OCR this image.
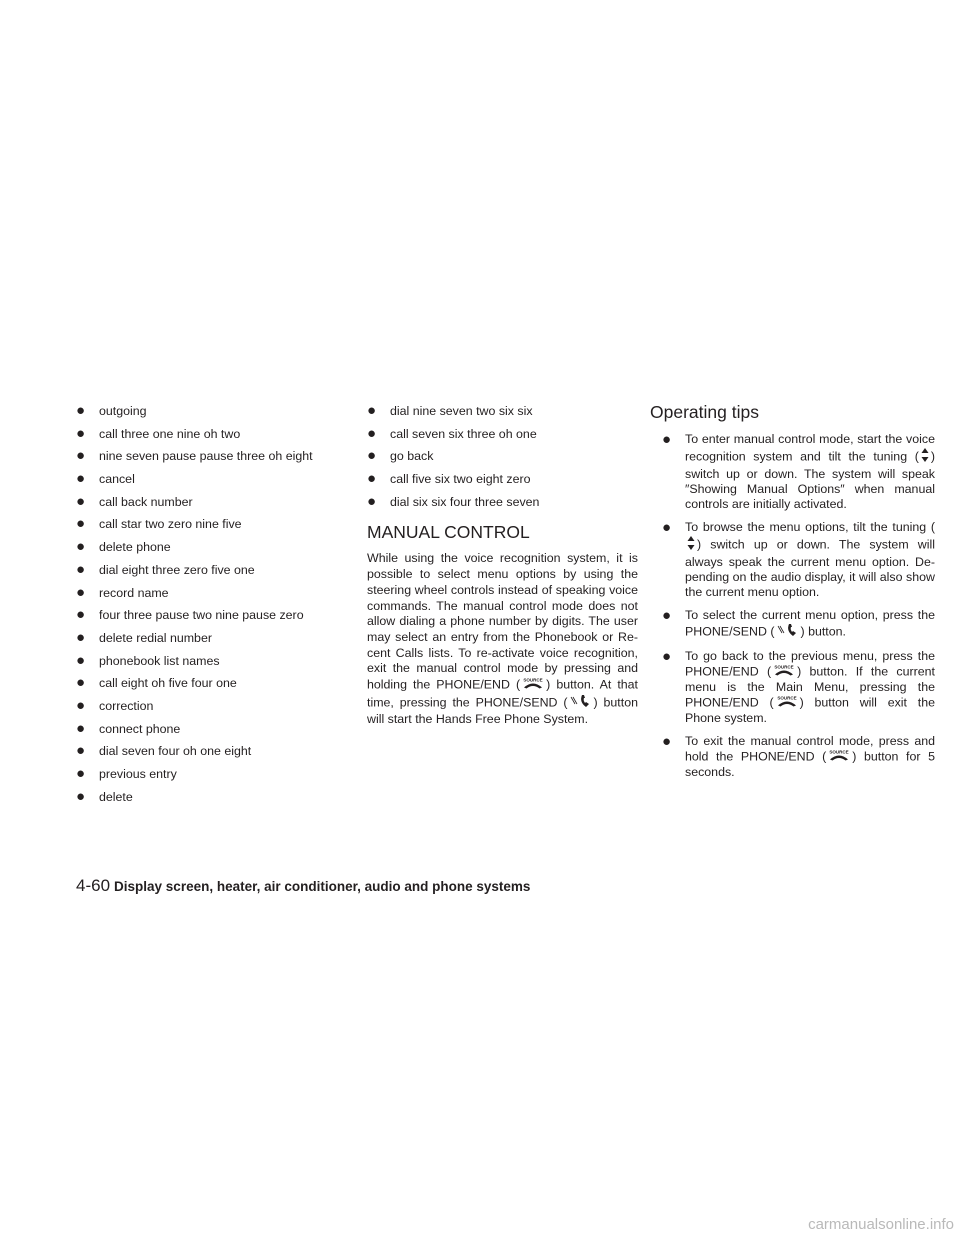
● outgoing
● call three one nine oh two
● nine seven pause pause three oh eight
● cancel
● call back number
● call star two zero nine five
● delete phone
● dial eight three zero five one
● record name
● four three pause two nine pause zero
● delete redial number
● phonebook list names
● call eight oh five four one
● correction
● connect phone
● dial seven four oh one eight
● previous entry
● delete
● dial nine seven two six six
● call seven six three oh one
● go back
● call five six two eight zero
● dial six six four three seven
MANUAL CONTROL

While using the voice recognition system, it is possible to select menu options by using the steering wheel controls instead of speaking voice commands. The manual control mode does not allow dialing a phone number by digits. The user may select an entry from the Phonebook or Re-cent Calls lists. To re-activate voice recognition, exit the manual control mode by pressing and holding the PHONE/END ( SOURCE ) button. At that time, pressing the PHONE/SEND ( ) button will start the Hands Free Phone System.

Operating tips
● To enter manual control mode, start the voice recognition system and tilt the tuning ( ) switch up or down. The system will speak ″Showing Manual Options″ when manual controls are initially activated.
● To browse the menu options, tilt the tuning () switch up or down. The system will always speak the current menu option. De-pending on the audio display, it will also show the current menu option.
● To select the current menu option, press the PHONE/SEND ( ) button.
● To go back to the previous menu, press the PHONE/END ( SOURCE ) button. If the current menu is the Main Menu, pressing the PHONE/END ( SOURCE ) button will exit the Phone system.
● To exit the manual control mode, press and hold the PHONE/END ( SOURCE ) button for 5 seconds.
4-60 Display screen, heater, air conditioner, audio and phone systems
carmanualsonline.info
